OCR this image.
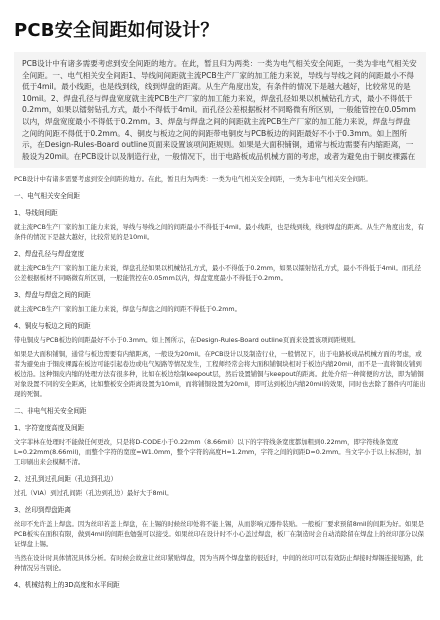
PCB安全间距如何设计？
PCB设计中有诸多需要考虑到安全间距的地方。在此，暂且归为两类：一类为电气相关安全间距，一类为非电气相关安全间距。一、电气相关安全间距1、导线间间距就主流PCB生产厂家的加工能力来说，导线与导线之间的间距最小不得低于4mil。最小线距，也是线到线，线到焊盘的距离。从生产角度出发，有条件的情况下是越大越好，比较常见的是10mil。2、焊盘孔径与焊盘宽度就主流PCB生产厂家的加工能力来说，焊盘孔径如果以机械钻孔方式，最小不得低于0.2mm，如果以镭射钻孔方式，最小不得低于4mil。而孔径公差根据板材不同略微有所区别，一般能管控在0.05mm以内，焊盘宽度最小不得低于0.2mm。3、焊盘与焊盘之间的间距就主流PCB生产厂家的加工能力来说，焊盘与焊盘之间的间距不得低于0.2mm。4、铜皮与板边之间的间距带电铜皮与PCB板边的间距最好不小于0.3mm。如上图所示，在Design-Rules-Board outline页面来设置该项间距规则。如果是大面积铺铜，通常与板边需要有内缩距离，一般设为20mil。在PCB设计以及制造行业，一般情况下，出于电路板成品机械方面的考虑，或者为避免由于铜皮裸露在
PCB设计中有诸多需要考虑到安全间距的地方。在此，暂且归为两类：一类为电气相关安全间距，一类为非电气相关安全间距。
一、电气相关安全间距
1、导线间间距
就主流PCB生产厂家的加工能力来说，导线与导线之间的间距最小不得低于4mil。最小线距，也是线到线，线到焊盘的距离。从生产角度出发，有条件的情况下是越大越好，比较常见的是10mil。
2、焊盘孔径与焊盘宽度
就主流PCB生产厂家的加工能力来说，焊盘孔径如果以机械钻孔方式，最小不得低于0.2mm，如果以镭射钻孔方式，最小不得低于4mil。而孔径公差根据板材不同略微有所区别，一般能管控在0.05mm以内，焊盘宽度最小不得低于0.2mm。
3、焊盘与焊盘之间的间距
就主流PCB生产厂家的加工能力来说，焊盘与焊盘之间的间距不得低于0.2mm。
4、铜皮与板边之间的间距
带电铜皮与PCB板边的间距最好不小于0.3mm。如上图所示，在Design-Rules-Board outline页面来设置该项间距规则。
如果是大面积铺铜，通常与板边需要有内缩距离，一般设为20mil。在PCB设计以及制造行业，一般情况下，出于电路板成品机械方面的考虑，或者为避免由于铜皮裸露在板边可能引起卷边或电气短路等情况发生，工程师经常会将大面积铺铜块相对于板边内缩20mil，而不是一直将铜皮铺到板边沿。这种铜皮内缩的处理方法有很多种，比如在板边绘制keepout层，然后设置铺铜与keepout的距离。此处介绍一种简便的方法，即为铺铜对象设置不同的安全距离，比如整板安全距离设置为10mil，而将铺铜设置为20mil，即可达到板边内缩20mil的效果，同时也去除了器件内可能出现的死铜。
二、非电气相关安全间距
1、字符宽度高度及间距
文字菲林在处理时不能做任何更改，只是将D-CODE小于0.22mm（8.66mil）以下的字符线条宽度都加粗到0.22mm，即字符线条宽度L=0.22mm(8.66mil)，而整个字符的宽度=W1.0mm，整个字符的高度H=1.2mm，字符之间的间距D=0.2mm。当文字小于以上标准时，加工印刷出来会模糊不清。
2、过孔到过孔间距（孔边到孔边）
过孔（VIA）到过孔间距（孔边到孔边）最好大于8mil。
3、丝印到焊盘距离
丝印不允许盖上焊盘。因为丝印若盖上焊盘，在上锡的时候丝印处将不能上锡，从而影响元器件装贴。一般板厂要求预留8mil的间距为好。如果是PCB板实在面积有限，做到4mil的间距也勉强可以接受。如果丝印在设计时不小心盖过焊盘，板厂在制造时会自动消除留在焊盘上的丝印部分以保证焊盘上锡。
当然在设计时具体情况具体分析。有时候会故意让丝印紧贴焊盘，因为当两个焊盘靠的很近时，中间的丝印可以有效防止焊接时焊锡连接短路，此种情况另当别论。
4、机械结构上的3D高度和水平间距
